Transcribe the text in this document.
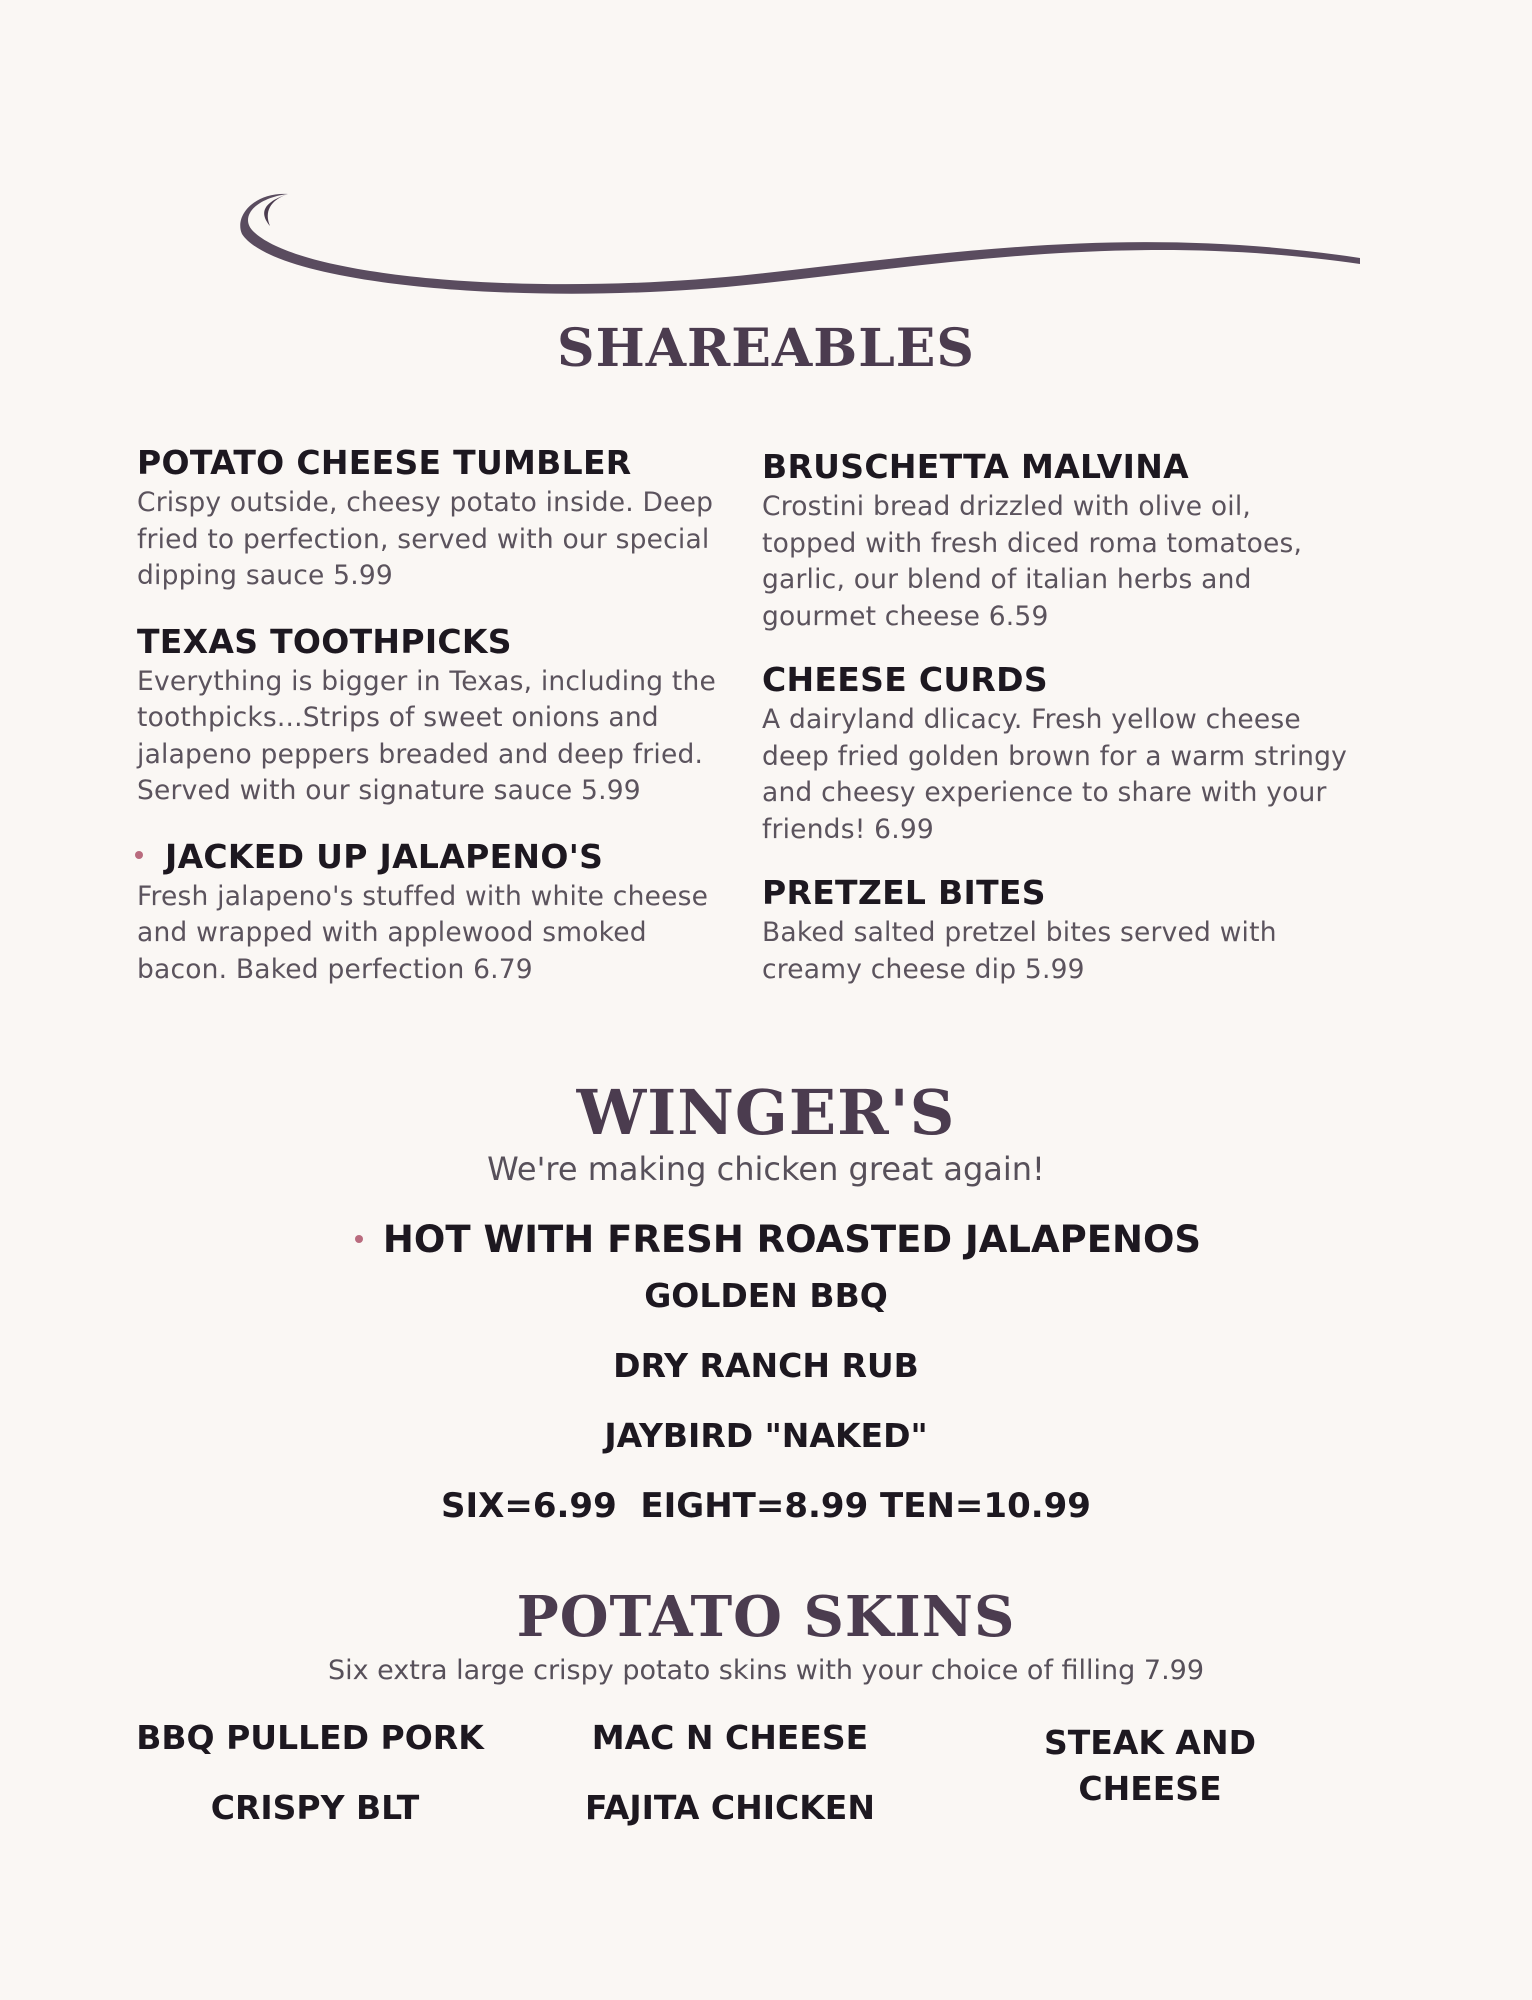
SHAREABLES

POTATO CHEESE TUMBLER

Crispy outside, cheesy potato inside. Deep fried to perfection, served with our special dipping sauce 5.99

TEXAS TOOTHPICKS

Everything is bigger in Texas, including the toothpicks...Strips of sweet onions and jalapeno peppers breaded and deep fried. Served with our signature sauce 5.99

JACKED UP JALAPENO'S

Fresh jalapeno's stuffed with white cheese and wrapped with applewood smoked bacon. Baked perfection 6.79

BRUSCHETTA MALVINA

Crostini bread drizzled with olive oil, topped with fresh diced roma tomatoes, garlic, our blend of italian herbs and gourmet cheese 6.59

CHEESE CURDS

A dairyland dlicacy. Fresh yellow cheese deep fried golden brown for a warm stringy and cheesy experience to share with your friends! 6.99

PRETZEL BITES

Baked salted pretzel bites served with creamy cheese dip 5.99

WINGER'S

We're making chicken great again!

HOT WITH FRESH ROASTED JALAPENOS

GOLDEN BBQ

DRY RANCH RUB

JAYBIRD "NAKED"

SIX=6.99  EIGHT=8.99 TEN=10.99

POTATO SKINS

Six extra large crispy potato skins with your choice of filling 7.99

BBQ PULLED PORK

CRISPY BLT

MAC N CHEESE

FAJITA CHICKEN

STEAK AND CHEESE
